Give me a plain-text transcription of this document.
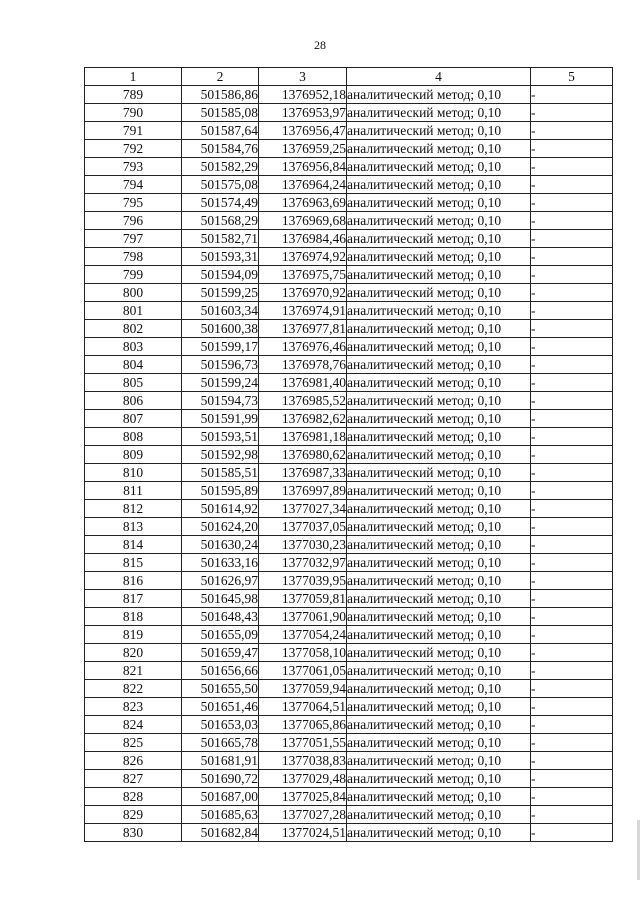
28
1	2	3	4	5
789	501586,86	1376952,18	аналитический метод; 0,10	-
790	501585,08	1376953,97	аналитический метод; 0,10	-
791	501587,64	1376956,47	аналитический метод; 0,10	-
792	501584,76	1376959,25	аналитический метод; 0,10	-
793	501582,29	1376956,84	аналитический метод; 0,10	-
794	501575,08	1376964,24	аналитический метод; 0,10	-
795	501574,49	1376963,69	аналитический метод; 0,10	-
796	501568,29	1376969,68	аналитический метод; 0,10	-
797	501582,71	1376984,46	аналитический метод; 0,10	-
798	501593,31	1376974,92	аналитический метод; 0,10	-
799	501594,09	1376975,75	аналитический метод; 0,10	-
800	501599,25	1376970,92	аналитический метод; 0,10	-
801	501603,34	1376974,91	аналитический метод; 0,10	-
802	501600,38	1376977,81	аналитический метод; 0,10	-
803	501599,17	1376976,46	аналитический метод; 0,10	-
804	501596,73	1376978,76	аналитический метод; 0,10	-
805	501599,24	1376981,40	аналитический метод; 0,10	-
806	501594,73	1376985,52	аналитический метод; 0,10	-
807	501591,99	1376982,62	аналитический метод; 0,10	-
808	501593,51	1376981,18	аналитический метод; 0,10	-
809	501592,98	1376980,62	аналитический метод; 0,10	-
810	501585,51	1376987,33	аналитический метод; 0,10	-
811	501595,89	1376997,89	аналитический метод; 0,10	-
812	501614,92	1377027,34	аналитический метод; 0,10	-
813	501624,20	1377037,05	аналитический метод; 0,10	-
814	501630,24	1377030,23	аналитический метод; 0,10	-
815	501633,16	1377032,97	аналитический метод; 0,10	-
816	501626,97	1377039,95	аналитический метод; 0,10	-
817	501645,98	1377059,81	аналитический метод; 0,10	-
818	501648,43	1377061,90	аналитический метод; 0,10	-
819	501655,09	1377054,24	аналитический метод; 0,10	-
820	501659,47	1377058,10	аналитический метод; 0,10	-
821	501656,66	1377061,05	аналитический метод; 0,10	-
822	501655,50	1377059,94	аналитический метод; 0,10	-
823	501651,46	1377064,51	аналитический метод; 0,10	-
824	501653,03	1377065,86	аналитический метод; 0,10	-
825	501665,78	1377051,55	аналитический метод; 0,10	-
826	501681,91	1377038,83	аналитический метод; 0,10	-
827	501690,72	1377029,48	аналитический метод; 0,10	-
828	501687,00	1377025,84	аналитический метод; 0,10	-
829	501685,63	1377027,28	аналитический метод; 0,10	-
830	501682,84	1377024,51	аналитический метод; 0,10	-
